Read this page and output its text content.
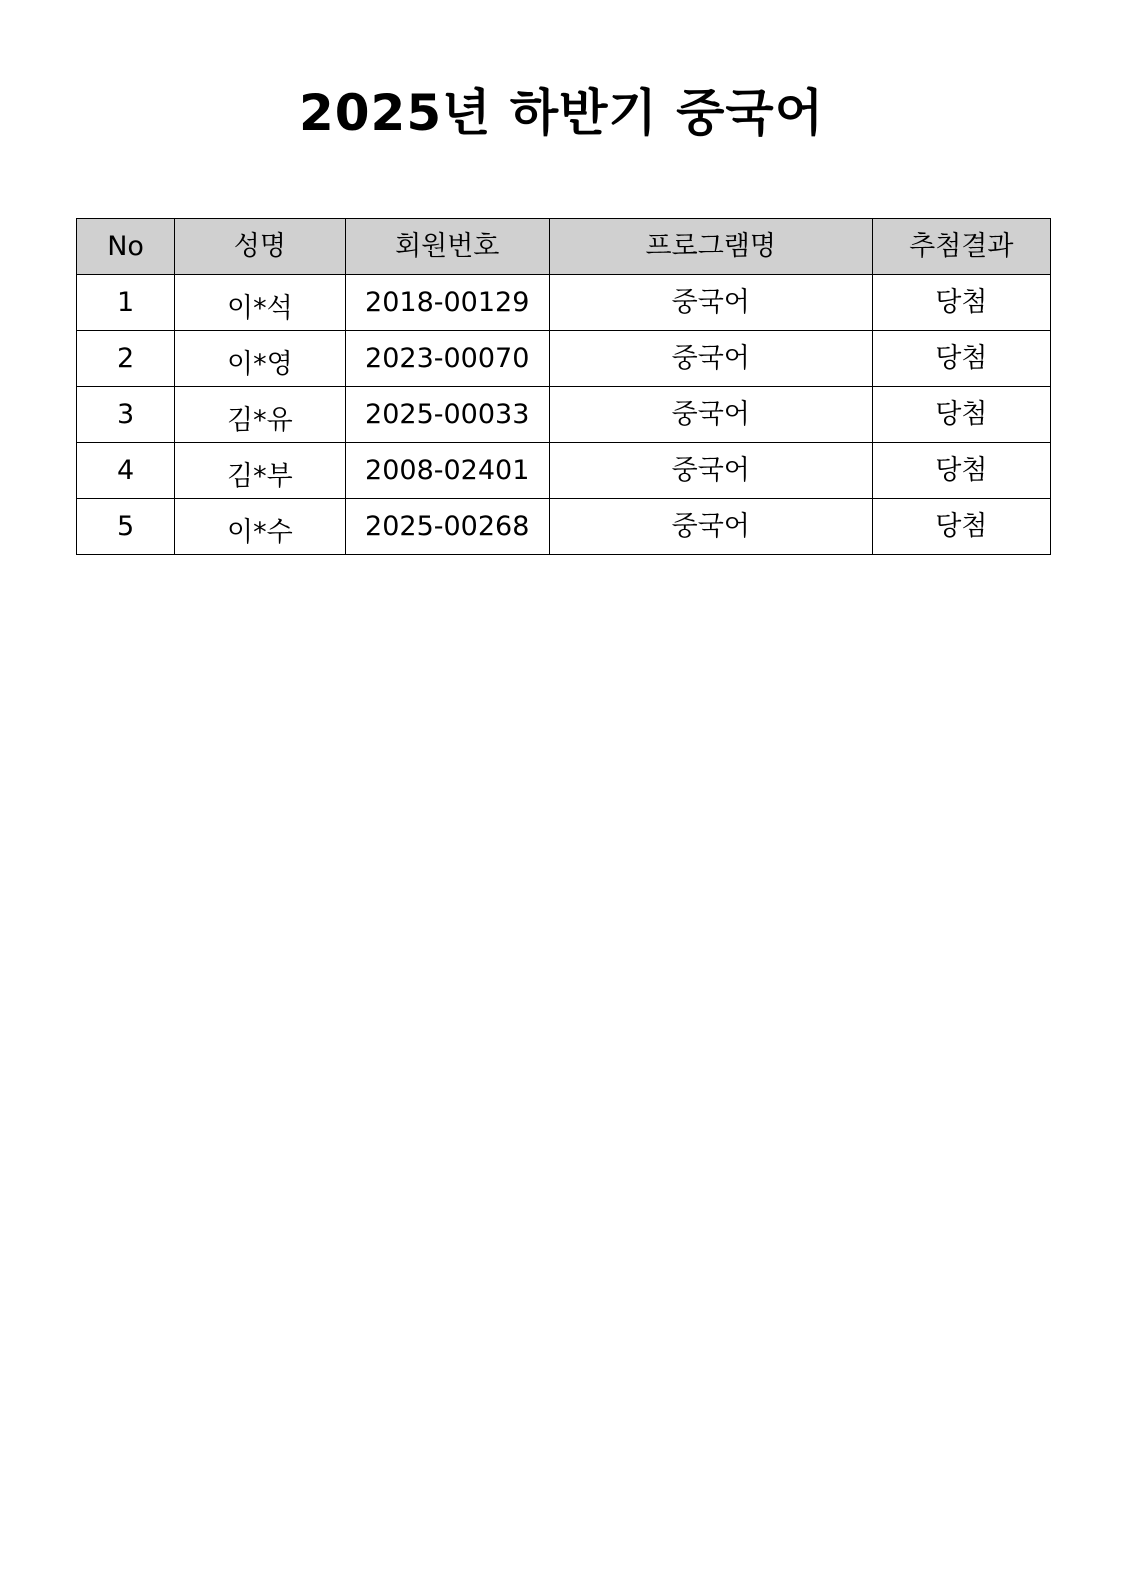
2025년 하반기 중국어
No	성명	회원번호	프로그램명	추첨결과
1	이*석	2018-00129	중국어	당첨
2	이*영	2023-00070	중국어	당첨
3	김*유	2025-00033	중국어	당첨
4	김*부	2008-02401	중국어	당첨
5	이*수	2025-00268	중국어	당첨
